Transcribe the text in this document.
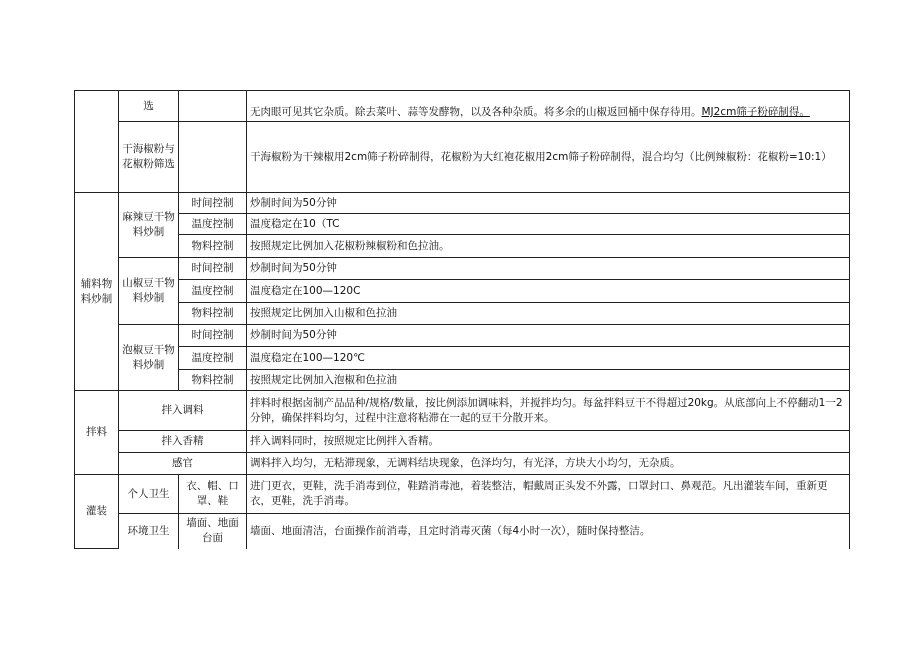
	选		无肉眼可见其它杂质。除去菜叶、蒜等发酵物，以及各种杂质。将多余的山椒返回桶中保存待用。MJ2cm筛子粉碎制得。
	干海椒粉与花椒粉筛选		干海椒粉为干辣椒用2cm筛子粉碎制得，花椒粉为大红袍花椒用2cm筛子粉碎制得，混合均匀（比例辣椒粉：花椒粉=10:1）
辅料物料炒制	麻辣豆干物料炒制	时间控制	炒制时间为50分钟
		温度控制	温度稳定在10（TC
		物料控制	按照规定比例加入花椒粉辣椒粉和色拉油。
	山椒豆干物料炒制	时间控制	炒制时间为50分钟
		温度控制	温度稳定在100—120C
		物料控制	按照规定比例加入山椒和色拉油
	泡椒豆干物料炒制	时间控制	炒制时间为50分钟
		温度控制	温度稳定在100—120℃
		物料控制	按照规定比例加入泡椒和色拉油
拌料	拌入调料		拌料时根据卤制产品品种/规格/数量，按比例添加调味料，并搅拌均匀。每盆拌料豆干不得超过20kg。从底部向上不停翻动1一2分钟，确保拌料均匀，过程中注意将粘滞在一起的豆干分散开来。
	拌入香精		拌入调料同时，按照规定比例拌入香精。
	感官		调料拌入均匀，无粘滞现象，无调料结块现象，色泽均匀，有光泽，方块大小均匀，无杂质。
灌装	个人卫生	衣、帽、口罩、鞋	进门更衣，更鞋，洗手消毒到位，鞋踏消毒池，着装整洁，帽戴周正头发不外露，口罩封口、鼻观范。凡出灌装车间，重新更衣，更鞋，洗手消毒。
	环境卫生	墙面、地面台面	墙面、地面清洁，台面操作前消毒，且定时消毒灭菌（每4小时一次），随时保持整洁。
